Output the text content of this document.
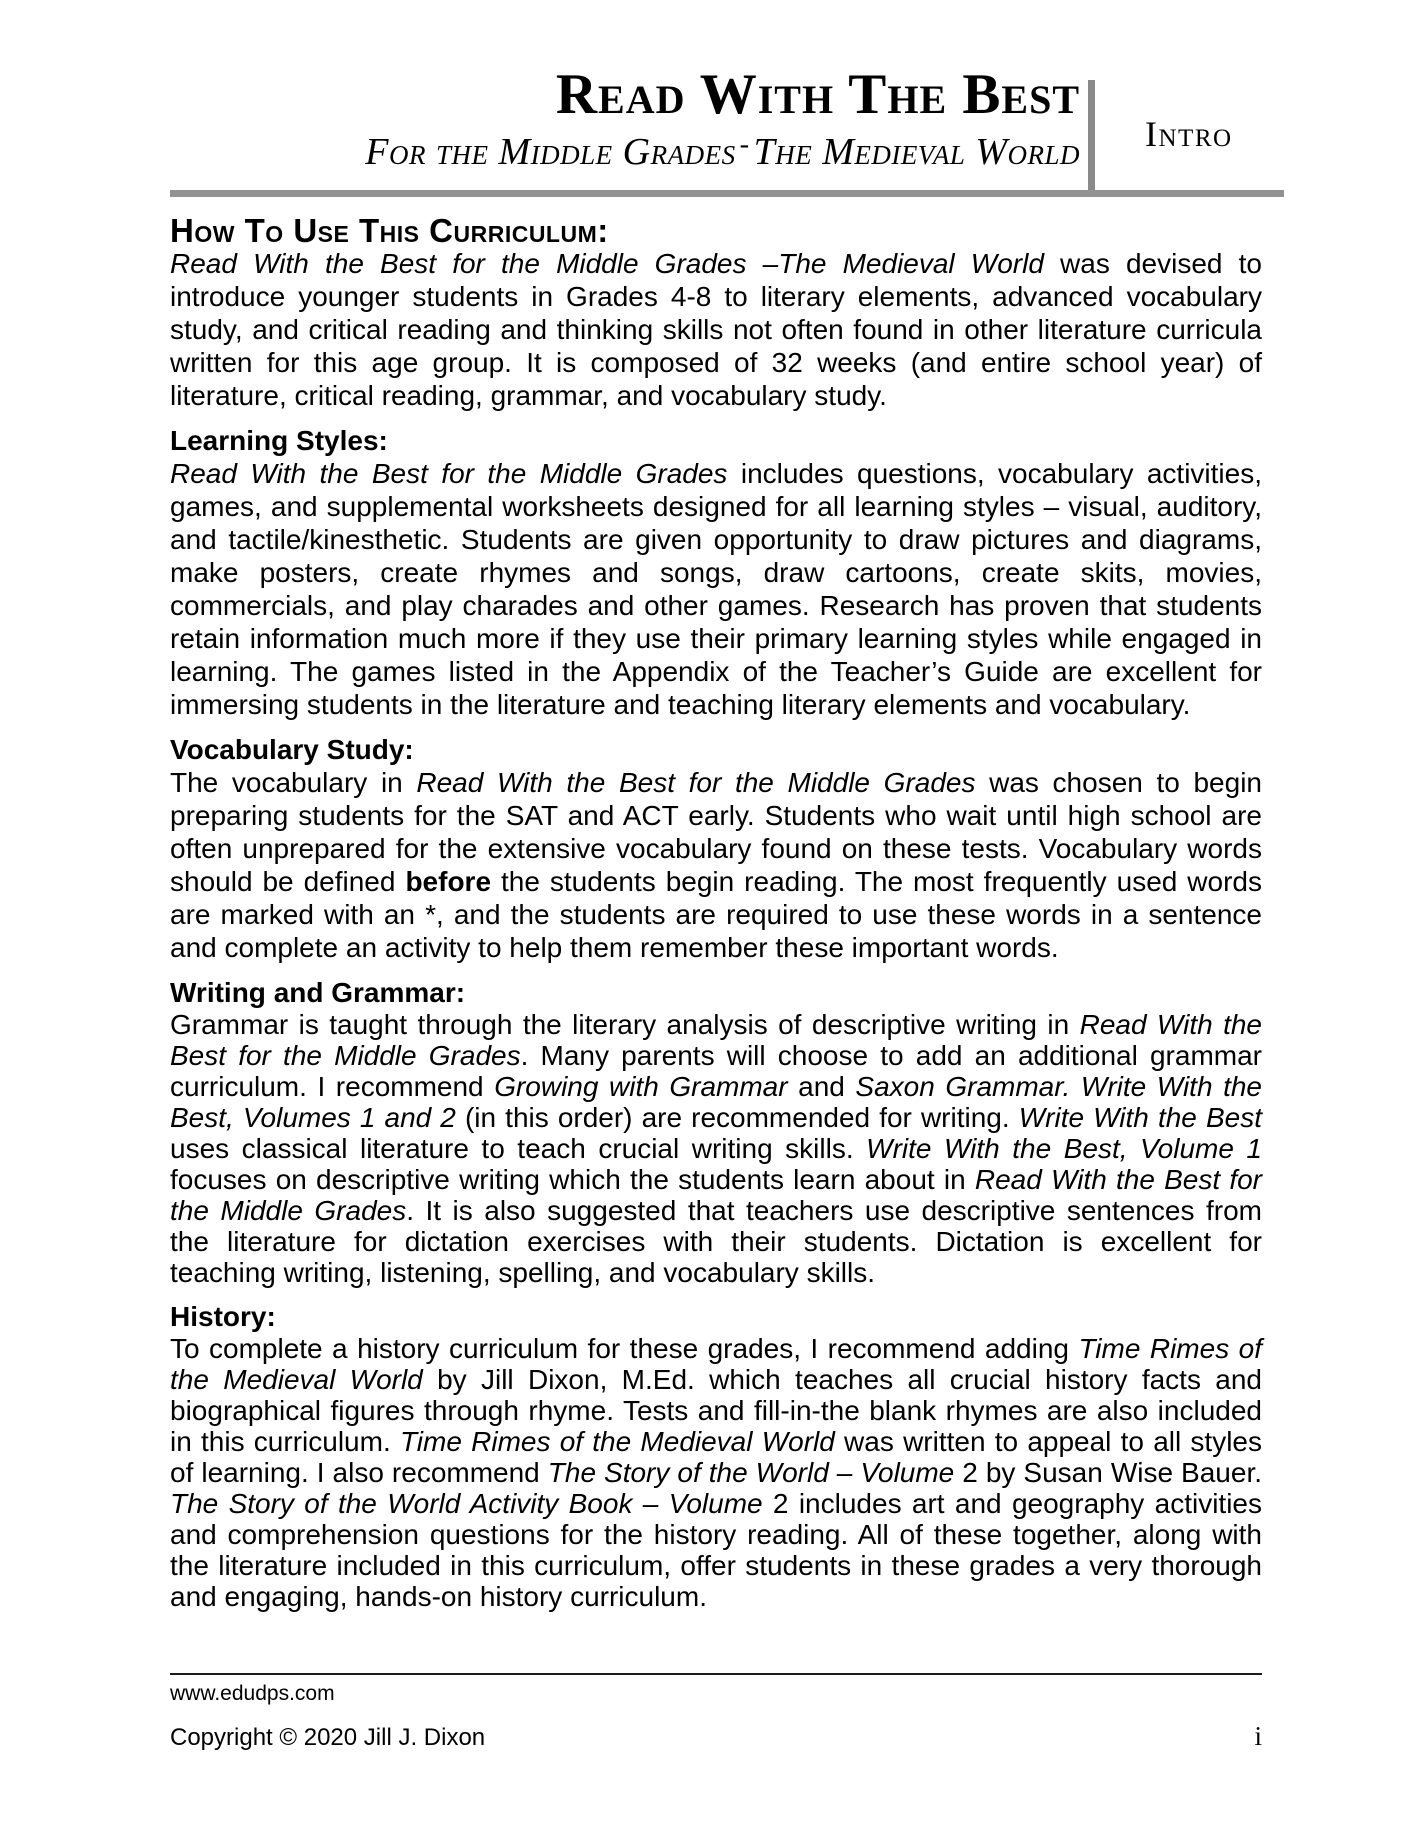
Read With The Best
For the Middle Grades - The Medieval World Intro
How To Use This Curriculum:
Read With the Best for the Middle Grades –The Medieval World was devised to introduce younger students in Grades 4-8 to literary elements, advanced vocabulary study, and critical reading and thinking skills not often found in other literature curricula written for this age group. It is composed of 32 weeks (and entire school year) of literature, critical reading, grammar, and vocabulary study.
Learning Styles:
Read With the Best for the Middle Grades includes questions, vocabulary activities, games, and supplemental worksheets designed for all learning styles – visual, auditory, and tactile/kinesthetic. Students are given opportunity to draw pictures and diagrams, make posters, create rhymes and songs, draw cartoons, create skits, movies, commercials, and play charades and other games. Research has proven that students retain information much more if they use their primary learning styles while engaged in learning. The games listed in the Appendix of the Teacher’s Guide are excellent for immersing students in the literature and teaching literary elements and vocabulary.
Vocabulary Study:
The vocabulary in Read With the Best for the Middle Grades was chosen to begin preparing students for the SAT and ACT early. Students who wait until high school are often unprepared for the extensive vocabulary found on these tests. Vocabulary words should be defined before the students begin reading. The most frequently used words are marked with an *, and the students are required to use these words in a sentence and complete an activity to help them remember these important words.
Writing and Grammar:
Grammar is taught through the literary analysis of descriptive writing in Read With the Best for the Middle Grades. Many parents will choose to add an additional grammar curriculum. I recommend Growing with Grammar and Saxon Grammar. Write With the Best, Volumes 1 and 2 (in this order) are recommended for writing. Write With the Best uses classical literature to teach crucial writing skills. Write With the Best, Volume 1 focuses on descriptive writing which the students learn about in Read With the Best for the Middle Grades. It is also suggested that teachers use descriptive sentences from the literature for dictation exercises with their students. Dictation is excellent for teaching writing, listening, spelling, and vocabulary skills.
History:
To complete a history curriculum for these grades, I recommend adding Time Rimes of the Medieval World by Jill Dixon, M.Ed. which teaches all crucial history facts and biographical figures through rhyme. Tests and fill-in-the blank rhymes are also included in this curriculum. Time Rimes of the Medieval World was written to appeal to all styles of learning. I also recommend The Story of the World – Volume 2 by Susan Wise Bauer. The Story of the World Activity Book – Volume 2 includes art and geography activities and comprehension questions for the history reading. All of these together, along with the literature included in this curriculum, offer students in these grades a very thorough and engaging, hands-on history curriculum.
www.edudps.com
Copyright © 2020 Jill J. Dixon	i
